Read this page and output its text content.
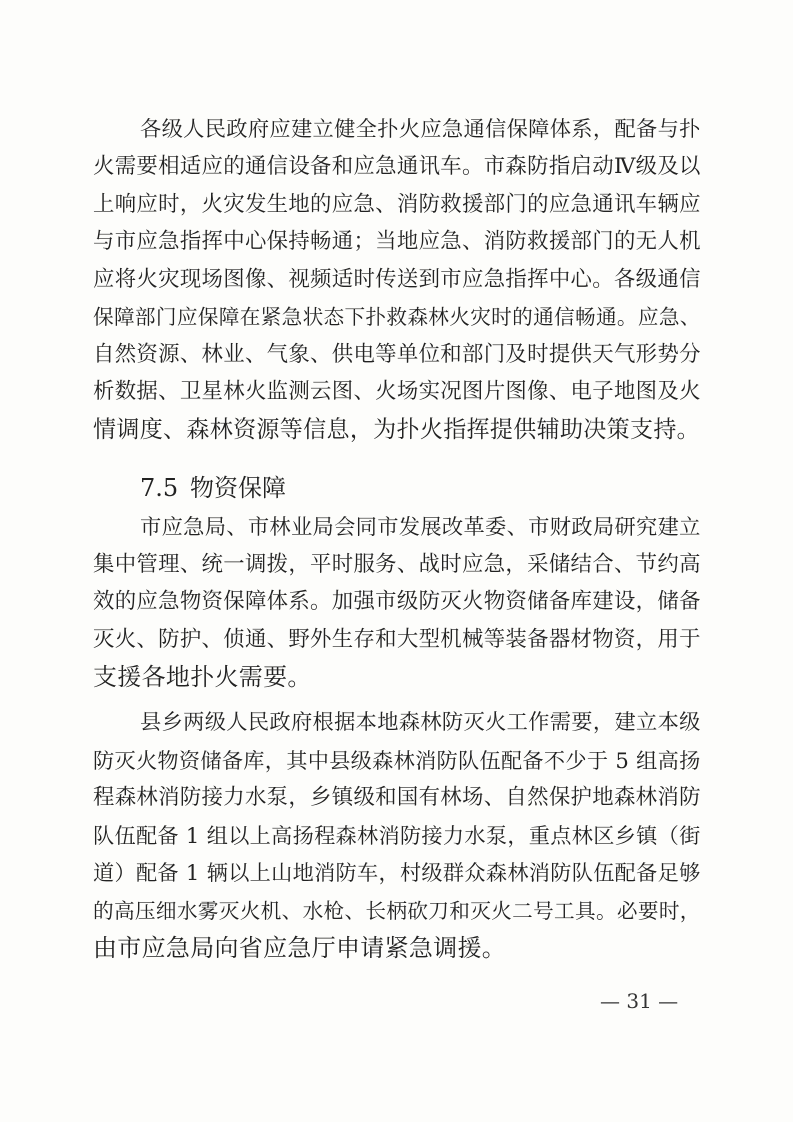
各级人民政府应建立健全扑火应急通信保障体系，配备与扑
火需要相适应的通信设备和应急通讯车。市森防指启动Ⅳ级及以
上响应时，火灾发生地的应急、消防救援部门的应急通讯车辆应
与市应急指挥中心保持畅通；当地应急、消防救援部门的无人机
应将火灾现场图像、视频适时传送到市应急指挥中心。各级通信
保障部门应保障在紧急状态下扑救森林火灾时的通信畅通。应急、
自然资源、林业、气象、供电等单位和部门及时提供天气形势分
析数据、卫星林火监测云图、火场实况图片图像、电子地图及火
情调度、森林资源等信息，为扑火指挥提供辅助决策支持。
7.5 物资保障
市应急局、市林业局会同市发展改革委、市财政局研究建立
集中管理、统一调拨，平时服务、战时应急，采储结合、节约高
效的应急物资保障体系。加强市级防灭火物资储备库建设，储备
灭火、防护、侦通、野外生存和大型机械等装备器材物资，用于
支援各地扑火需要。
县乡两级人民政府根据本地森林防灭火工作需要，建立本级
防灭火物资储备库，其中县级森林消防队伍配备不少于 5 组高扬
程森林消防接力水泵，乡镇级和国有林场、自然保护地森林消防
队伍配备 1 组以上高扬程森林消防接力水泵，重点林区乡镇（街
道）配备 1 辆以上山地消防车，村级群众森林消防队伍配备足够
的高压细水雾灭火机、水枪、长柄砍刀和灭火二号工具。必要时，
由市应急局向省应急厅申请紧急调援。
— 31 —
